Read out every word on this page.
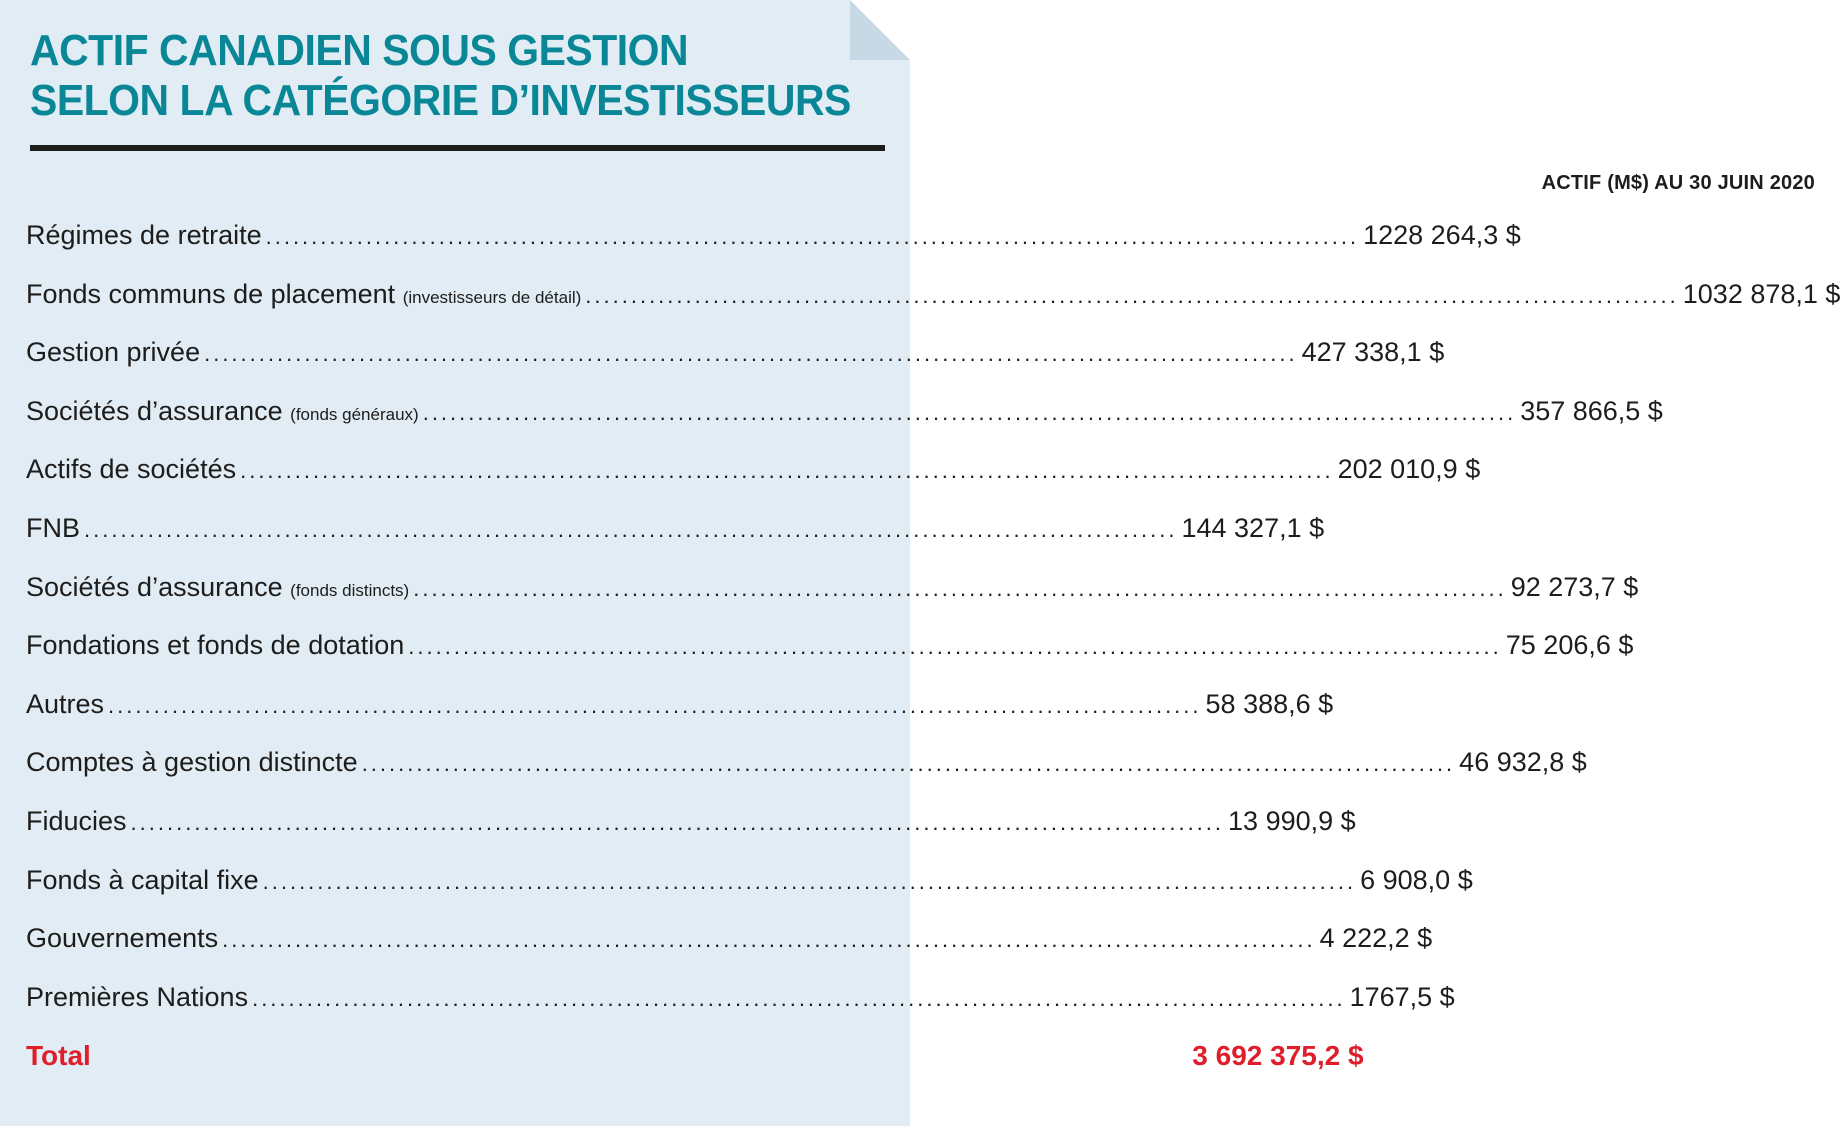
ACTIF CANADIEN SOUS GESTION
SELON LA CATÉGORIE D’INVESTISSEURS
ACTIF (M$) AU 30 JUIN 2020
Régimes de retraite ........................................................................................................................ 1228 264,3 $
Fonds communs de placement (investisseurs de détail) ........................................................................................................................ 1032 878,1 $
Gestion privée ........................................................................................................................ 427 338,1 $
Sociétés d’assurance (fonds généraux) ........................................................................................................................ 357 866,5 $
Actifs de sociétés ........................................................................................................................ 202 010,9 $
FNB ........................................................................................................................ 144 327,1 $
Sociétés d’assurance (fonds distincts) ........................................................................................................................ 92 273,7 $
Fondations et fonds de dotation ........................................................................................................................ 75 206,6 $
Autres ........................................................................................................................ 58 388,6 $
Comptes à gestion distincte ........................................................................................................................ 46 932,8 $
Fiducies ........................................................................................................................ 13 990,9 $
Fonds à capital fixe ........................................................................................................................ 6 908,0 $
Gouvernements ........................................................................................................................ 4 222,2 $
Premières Nations ........................................................................................................................ 1767,5 $
Total	3 692 375,2 $
